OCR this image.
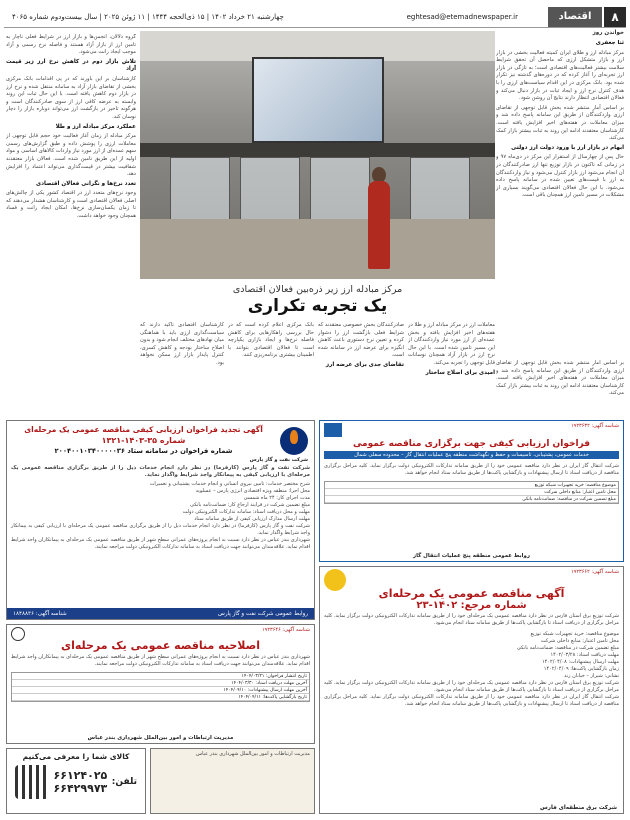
۸
اقتصاد
eghtesad@etemadnewspaper.ir
چهارشنبه ۲۱ خرداد ۱۴۰۲ | ۱۵ ذی‌الحجه ۱۴۴۴ | ۱۱ ژوئن ۲۰۲۵ | سال بیست‌ودوم شماره ۴۰۶۵
خواندن روز

ثنا جعفری

مرکز مبادله ارز و طلای ایران کمیته فعالیت بخشی در بازار ارز و بازار متشکل ارزی که ماحصل آن تحقق شرایط سلامت بیشتر فعالیت‌های اقتصادی است؛ به تازگی در بازار ارز تجربه‌ای را آغاز کرده که در دوره‌های گذشته نیز تکرار شده بود. بانک مرکزی در این اقدام سیاست‌های ارزی را با هدف کنترل نرخ ارز و ایجاد ثبات در بازار دنبال می‌کند و فعالان اقتصادی انتظار دارند نتایج آن روشن شود.

بر اساس آمار منتشر شده بخش قابل توجهی از تقاضای ارزی واردکنندگان از طریق این سامانه پاسخ داده شد و میزان معاملات در هفته‌های اخیر افزایش یافته است. کارشناسان معتقدند ادامه این روند به ثبات بیشتر بازار کمک می‌کند.

ابهام در بازار ارز با ورود دولت ارز دولتی

حال پس از چهارسال از استقرار این مرکز در دی‌ماه ۹۷ و در زمانی که تاکنون در بازار توزیع تنها ارز صادرکنندگان در آن انجام می‌شود ارز بازار کنترل می‌شود و نیاز واردکنندگان به ارز با قیمت‌های تعیین شده در سامانه پاسخ داده می‌شود. با این حال فعالان اقتصادی می‌گویند بسیاری از مشکلات در مسیر تامین ارز همچنان باقی است.

گروه دلالان، انجمن‌ها و بازار ارز در شرایط فعلی ناچار به تامین ارز از بازار آزاد هستند و فاصله نرخ رسمی و آزاد موجب ایجاد رانت می‌شود.

تلاش بازار دوم در کاهش نرخ ارز زیر قیمت آزاد

کارشناسان بر این باورند که در پی اقدامات بانک مرکزی بخشی از تقاضای بازار آزاد به سامانه منتقل شده و نرخ ارز در بازار دوم کاهش یافته است. با این حال ثبات این روند وابسته به عرضه کافی ارز از سوی صادرکنندگان است و هرگونه تاخیر در بازگشت ارز می‌تواند دوباره بازار را دچار نوسان کند.

عملکرد مرکز مبادله ارز و طلا

مرکز مبادله از زمان آغاز فعالیت خود حجم قابل توجهی از معاملات ارزی را پوشش داده و طبق گزارش‌های رسمی سهم عمده‌ای از ارز مورد نیاز واردات کالاهای اساسی و مواد اولیه از این طریق تامین شده است. فعالان بازار معتقدند شفافیت بیشتر در قیمت‌گذاری می‌تواند اعتماد را افزایش دهد.

تعدد نرخ‌ها و نگرانی فعالان اقتصادی

وجود نرخ‌های متعدد ارز در اقتصاد کشور یکی از چالش‌های اصلی فعالان اقتصادی است و کارشناسان هشدار می‌دهند که تا زمان یکسان‌سازی نرخ‌ها، امکان ایجاد رانت و فساد همچنان وجود خواهد داشت.

مرکز مبادله ارز زیر ذره‌بین فعالان اقتصادی
یک تجربه تکراری

معاملات ارز در مرکز مبادله ارز و طلا در هفته‌های اخیر افزایش یافته و بخش عمده‌ای از ارز مورد نیاز واردکنندگان از این مسیر تامین شده است. با این حال نرخ ارز در بازار آزاد همچنان نوسانات قابل توجهی را تجربه می‌کند.

امیدی برای اصلاح ساختار

صادرکنندگان بخش خصوصی معتقدند که شرایط فعلی بازگشت ارز را دشوار کرده و تعیین نرخ دستوری باعث کاهش انگیزه برای عرضه ارز در سامانه شده است.

تقاضای جدی برای عرضه ارز

بانک مرکزی اعلام کرده است که در حال بررسی راهکارهایی برای کاهش فاصله نرخ‌ها و ایجاد بازاری یکپارچه است تا فعالان اقتصادی بتوانند با اطمینان بیشتری برنامه‌ریزی کنند.

کارشناسان اقتصادی تاکید دارند که سیاست‌گذاری ارزی باید با هماهنگی میان نهادهای مختلف انجام شود و بدون اصلاح ساختار بودجه و کاهش کسری، کنترل پایدار بازار ارز ممکن نخواهد بود.	بر اساس آمار منتشر شده بخش قابل توجهی از تقاضای ارزی واردکنندگان از طریق این سامانه پاسخ داده شد و میزان معاملات در هفته‌های اخیر افزایش یافته است. کارشناسان معتقدند ادامه این روند به ثبات بیشتر بازار کمک می‌کند.

آگهی تجدید فراخوان ارزیابی کیفی مناقصه عمومی یک مرحله‌ای
شماره ۳۵-۱۴۰۳-۱۳۲۱
شماره فراخوان در سامانه ستاد ۲۰۰۴۰۰۱۰۳۴۰۰۰۰۰۳۶
شرکت نفت و گاز پارس
شرکت نفت و گاز پارس (کارفرما) در نظر دارد انجام خدمات ذیل را از طریق برگزاری مناقصه عمومی یک مرحله‌ای با ارزیابی کیفی به پیمانکار واجد شرایط واگذار نماید.
شرح مختصر خدمات: تامین نیروی انسانی و انجام خدمات پشتیبانی و تعمیرات
محل اجرا: منطقه ویژه اقتصادی انرژی پارس – عسلویه
مدت اجرای کار: ۲۴ ماه شمسی
مبلغ تضمین شرکت در فرایند ارجاع کار: ضمانت‌نامه بانکی
مهلت و محل دریافت اسناد: سامانه تدارکات الکترونیکی دولت
مهلت ارسال مدارک ارزیابی کیفی از طریق سامانه ستاد
شرکت نفت و گاز پارس (کارفرما) در نظر دارد انجام خدمات ذیل را از طریق برگزاری مناقصه عمومی یک مرحله‌ای با ارزیابی کیفی به پیمانکار واجد شرایط واگذار نماید.
شهرداری بندر عباس در نظر دارد نسبت به انجام پروژه‌های عمرانی سطح شهر از طریق مناقصه عمومی یک مرحله‌ای به پیمانکاران واجد شرایط اقدام نماید. علاقه‌مندان می‌توانند جهت دریافت اسناد به سامانه تدارکات الکترونیکی دولت مراجعه نمایند.
روابط عمومی شرکت نفت و گاز پارس
شناسه آگهی: ۱۸۴۸۸۳۶
شناسه آگهی: ۱۹۲۳۶۴۶
اصلاحیه مناقصه عمومی یک مرحله‌ای
شهرداری بندر عباس در نظر دارد نسبت به انجام پروژه‌های عمرانی سطح شهر از طریق مناقصه عمومی یک مرحله‌ای به پیمانکاران واجد شرایط اقدام نماید. علاقه‌مندان می‌توانند جهت دریافت اسناد به سامانه تدارکات الکترونیکی دولت مراجعه نمایند.
تاریخ انتشار فراخوان: ۱۴۰۴/۰۳/۲۱
آخرین مهلت دریافت اسناد: ۱۴۰۴/۰۳/۳۰
آخرین مهلت ارسال پیشنهادات: ۱۴۰۴/۰۴/۱۰
تاریخ بازگشایی پاکت‌ها: ۱۴۰۴/۰۴/۱۱
مدیریت ارتباطات و امور بین‌الملل شهرداری بندر عباس
کالای شما را معرفی می‌کنیم
تلفن:
۶۶۱۲۴۰۲۵
۶۶۴۲۹۹۷۳
مدیریت ارتباطات و امور بین‌الملل شهرداری بندر عباس
شناسه آگهی: ۱۹۲۳۶۳۲
فراخوان ارزیابی کیفی جهت برگزاری مناقصه عمومی
خدمات عمومی، پشتیبانی، تاسیسات و حفظ و نگهداشت منطقه پنج عملیات انتقال گاز – محدوده سفلی شمال
شرکت انتقال گاز ایران در نظر دارد مناقصه عمومی خود را از طریق سامانه تدارکات الکترونیکی دولت برگزار نماید. کلیه مراحل برگزاری مناقصه از دریافت اسناد تا ارسال پیشنهادات و بازگشایی پاکت‌ها از طریق سامانه ستاد انجام خواهد شد.
موضوع مناقصه: خرید تجهیزات شبکه توزیع
محل تامین اعتبار: منابع داخلی شرکت
مبلغ تضمین شرکت در مناقصه: ضمانت‌نامه بانکی
روابط عمومی منطقه پنج عملیات انتقال گاز
شناسه آگهی: ۱۹۲۳۶۶۲
آگهی مناقصه عمومی یک مرحله‌ای
شماره مرجع: ۱۴۰۲-۲۳
شرکت توزیع برق استان فارس در نظر دارد مناقصه عمومی یک مرحله‌ای خود را از طریق سامانه تدارکات الکترونیکی دولت برگزار نماید. کلیه مراحل برگزاری از دریافت اسناد تا بازگشایی پاکت‌ها از طریق سامانه ستاد انجام می‌شود.
موضوع مناقصه: خرید تجهیزات شبکه توزیع
محل تامین اعتبار: منابع داخلی شرکت
مبلغ تضمین شرکت در مناقصه: ضمانت‌نامه بانکی
مهلت دریافت اسناد: ۱۴۰۲/۰۳/۲۸
مهلت ارسال پیشنهادات: ۱۴۰۲/۰۴/۰۸
زمان بازگشایی پاکت‌ها: ۱۴۰۲/۰۴/۰۹
نشانی: شیراز – خیابان زند
شرکت توزیع برق استان فارس در نظر دارد مناقصه عمومی یک مرحله‌ای خود را از طریق سامانه تدارکات الکترونیکی دولت برگزار نماید. کلیه مراحل برگزاری از دریافت اسناد تا بازگشایی پاکت‌ها از طریق سامانه ستاد انجام می‌شود.
شرکت انتقال گاز ایران در نظر دارد مناقصه عمومی خود را از طریق سامانه تدارکات الکترونیکی دولت برگزار نماید. کلیه مراحل برگزاری مناقصه از دریافت اسناد تا ارسال پیشنهادات و بازگشایی پاکت‌ها از طریق سامانه ستاد انجام خواهد شد.
شرکت برق منطقه‌ای فارس
